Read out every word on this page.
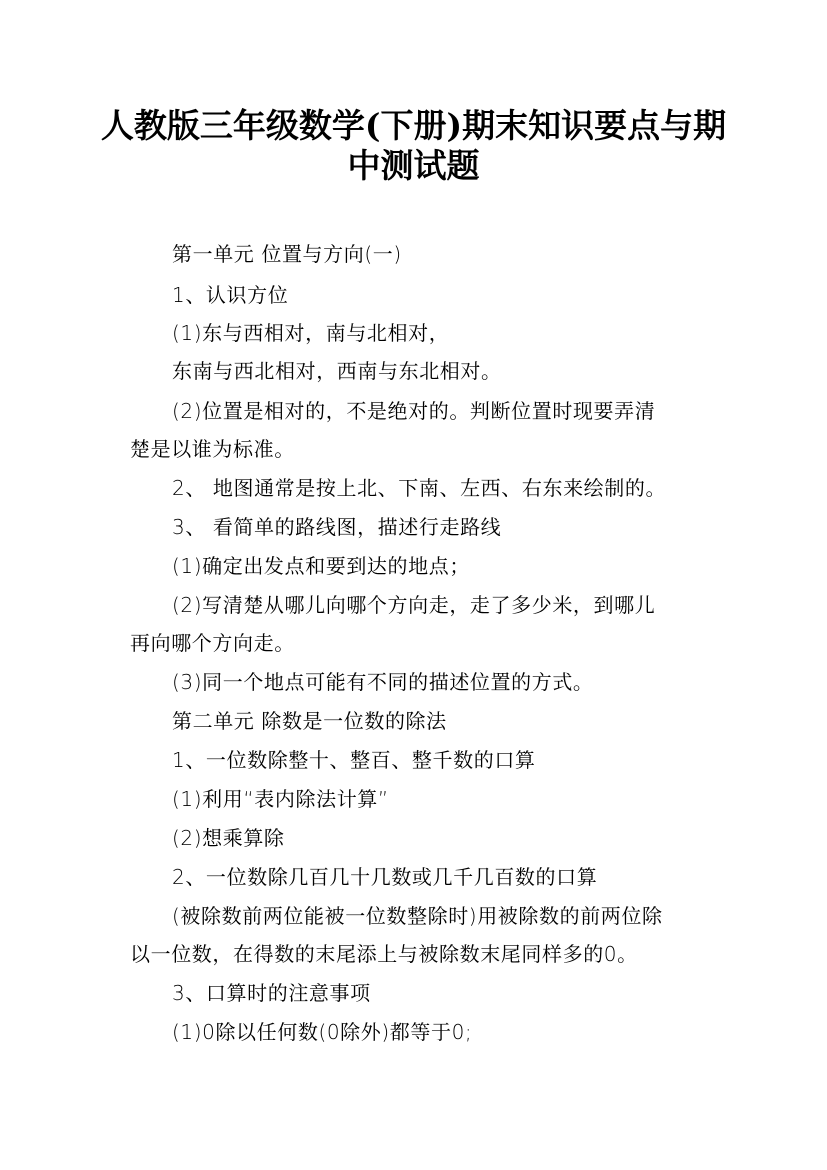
人教版三年级数学(下册)期末知识要点与期
中测试题

第一单元 位置与方向(一)

1、认识方位

(1)东与西相对，南与北相对，

东南与西北相对，西南与东北相对。

(2)位置是相对的，不是绝对的。判断位置时现要弄清

楚是以谁为标准。

2、 地图通常是按上北、下南、左西、右东来绘制的。

3、 看简单的路线图，描述行走路线

(1)确定出发点和要到达的地点；

(2)写清楚从哪儿向哪个方向走，走了多少米，到哪儿

再向哪个方向走。

(3)同一个地点可能有不同的描述位置的方式。

第二单元 除数是一位数的除法

1、一位数除整十、整百、整千数的口算

(1)利用“表内除法计算”

(2)想乘算除

2、一位数除几百几十几数或几千几百数的口算

(被除数前两位能被一位数整除时)用被除数的前两位除

以一位数，在得数的末尾添上与被除数末尾同样多的0。

3、口算时的注意事项

(1)0除以任何数(0除外)都等于0;
